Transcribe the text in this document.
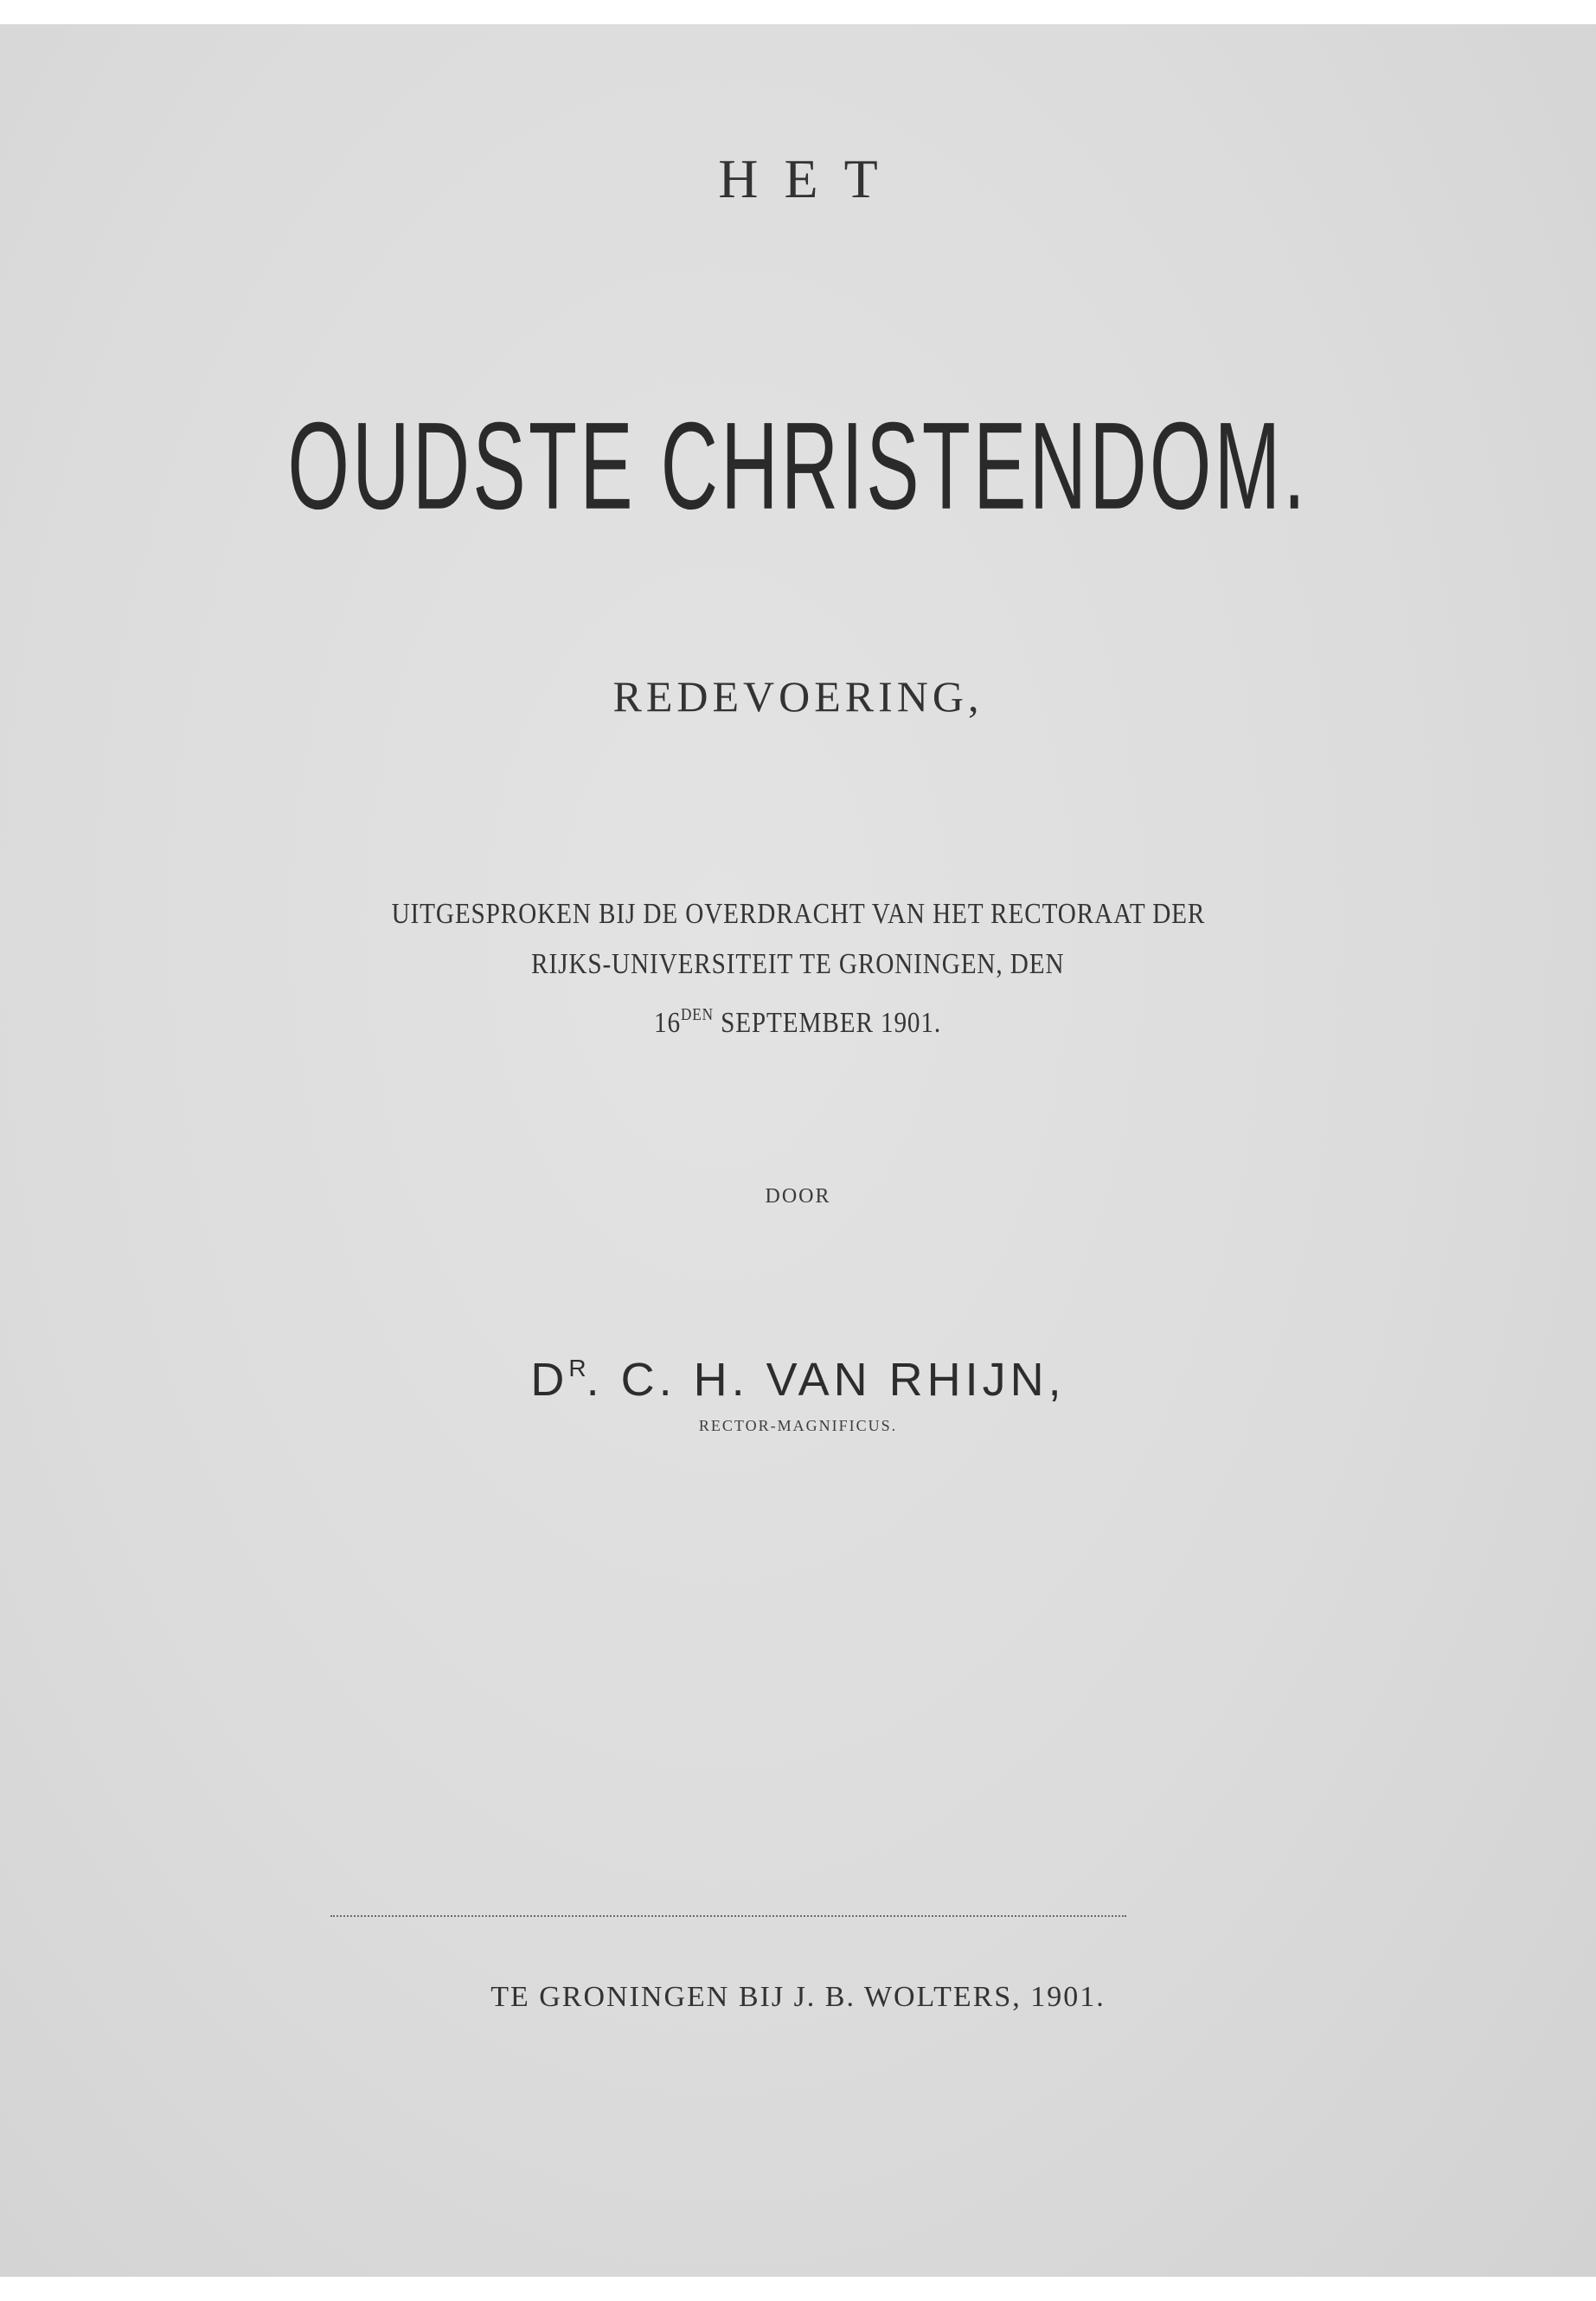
HET
OUDSTE CHRISTENDOM.
REDEVOERING,
UITGESPROKEN BIJ DE OVERDRACHT VAN HET RECTORAAT DER
RIJKS-UNIVERSITEIT TE GRONINGEN, DEN
$16^{DEN}$ SEPTEMBER 1901.
DOOR
$D^R$. C. H. VAN RHIJN,
RECTOR-MAGNIFICUS.
TE GRONINGEN BIJ J. B. WOLTERS, 1901.
